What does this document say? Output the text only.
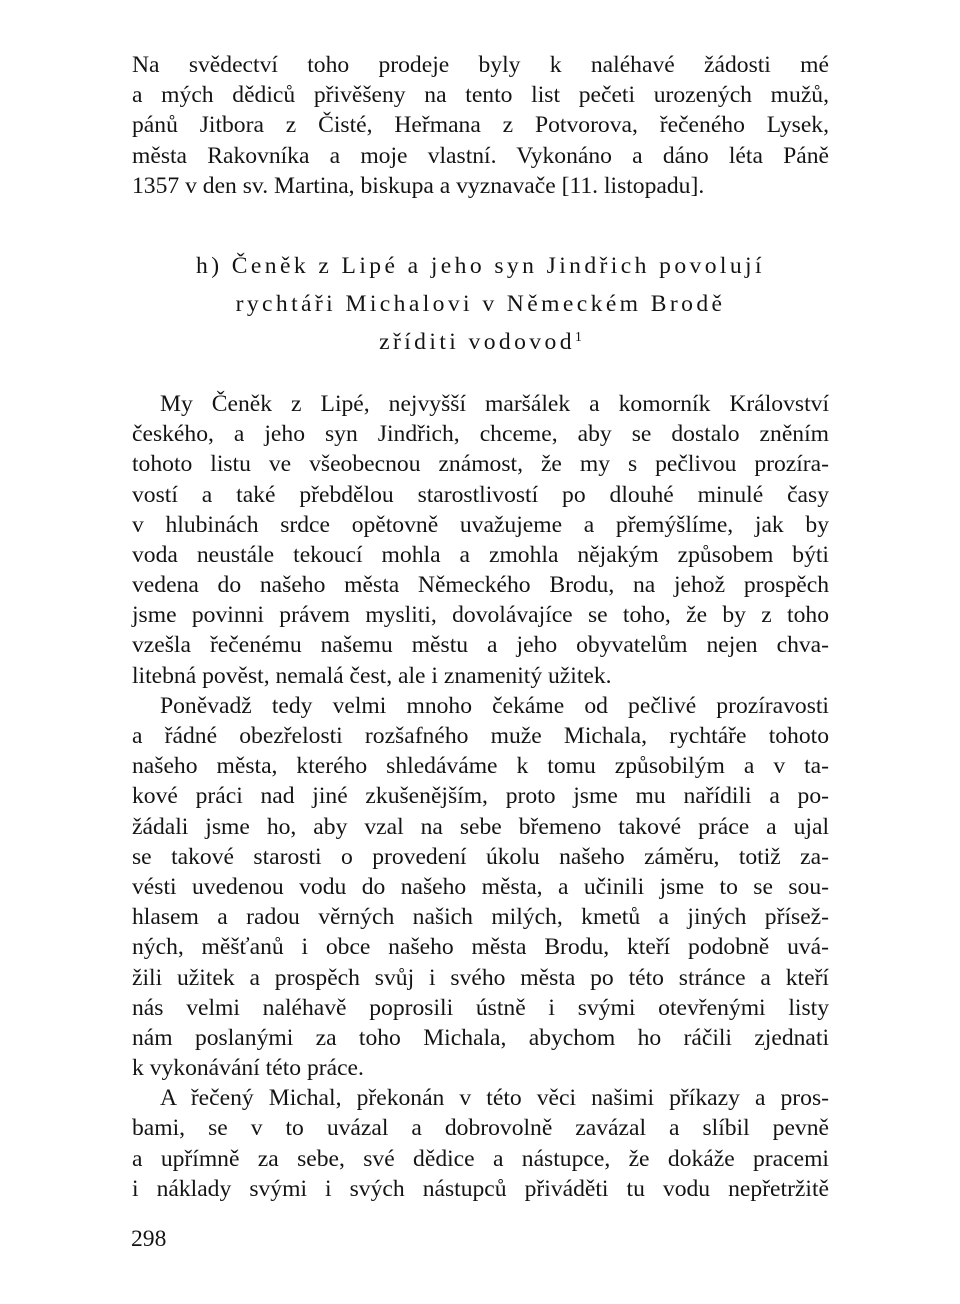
Na svědectví toho prodeje byly k naléhavé žádosti mé
a mých dědiců přivěšeny na tento list pečeti urozených mužů,
pánů Jitbora z Čisté, Heřmana z Potvorova, řečeného Lysek,
města Rakovníka a moje vlastní. Vykonáno a dáno léta Páně
1357 v den sv. Martina, biskupa a vyznavače [11. listopadu].
h) Čeněk z Lipé a jeho syn Jindřich povolují
rychtáři Michalovi v Německém Brodě
zříditi vodovod$^1$
My Čeněk z Lipé, nejvyšší maršálek a komorník Království
českého, a jeho syn Jindřich, chceme, aby se dostalo zněním
tohoto listu ve všeobecnou známost, že my s pečlivou prozíra-
vostí a také přebdělou starostlivostí po dlouhé minulé časy
v hlubinách srdce opětovně uvažujeme a přemýšlíme, jak by
voda neustále tekoucí mohla a zmohla nějakým způsobem býti
vedena do našeho města Německého Brodu, na jehož prospěch
jsme povinni právem mysliti, dovolávajíce se toho, že by z toho
vzešla řečenému našemu městu a jeho obyvatelům nejen chva-
litebná pověst, nemalá čest, ale i znamenitý užitek.
Poněvadž tedy velmi mnoho čekáme od pečlivé prozíravosti
a řádné obezřelosti rozšafného muže Michala, rychtáře tohoto
našeho města, kterého shledáváme k tomu způsobilým a v ta-
kové práci nad jiné zkušenějším, proto jsme mu nařídili a po-
žádali jsme ho, aby vzal na sebe břemeno takové práce a ujal
se takové starosti o provedení úkolu našeho záměru, totiž za-
vésti uvedenou vodu do našeho města, a učinili jsme to se sou-
hlasem a radou věrných našich milých, kmetů a jiných přísež-
ných, měšťanů i obce našeho města Brodu, kteří podobně uvá-
žili užitek a prospěch svůj i svého města po této stránce a kteří
nás velmi naléhavě poprosili ústně i svými otevřenými listy
nám poslanými za toho Michala, abychom ho ráčili zjednati
k vykonávání této práce.
A řečený Michal, překonán v této věci našimi příkazy a pros-
bami, se v to uvázal a dobrovolně zavázal a slíbil pevně
a upřímně za sebe, své dědice a nástupce, že dokáže pracemi
i náklady svými i svých nástupců přiváděti tu vodu nepřetržitě
298
